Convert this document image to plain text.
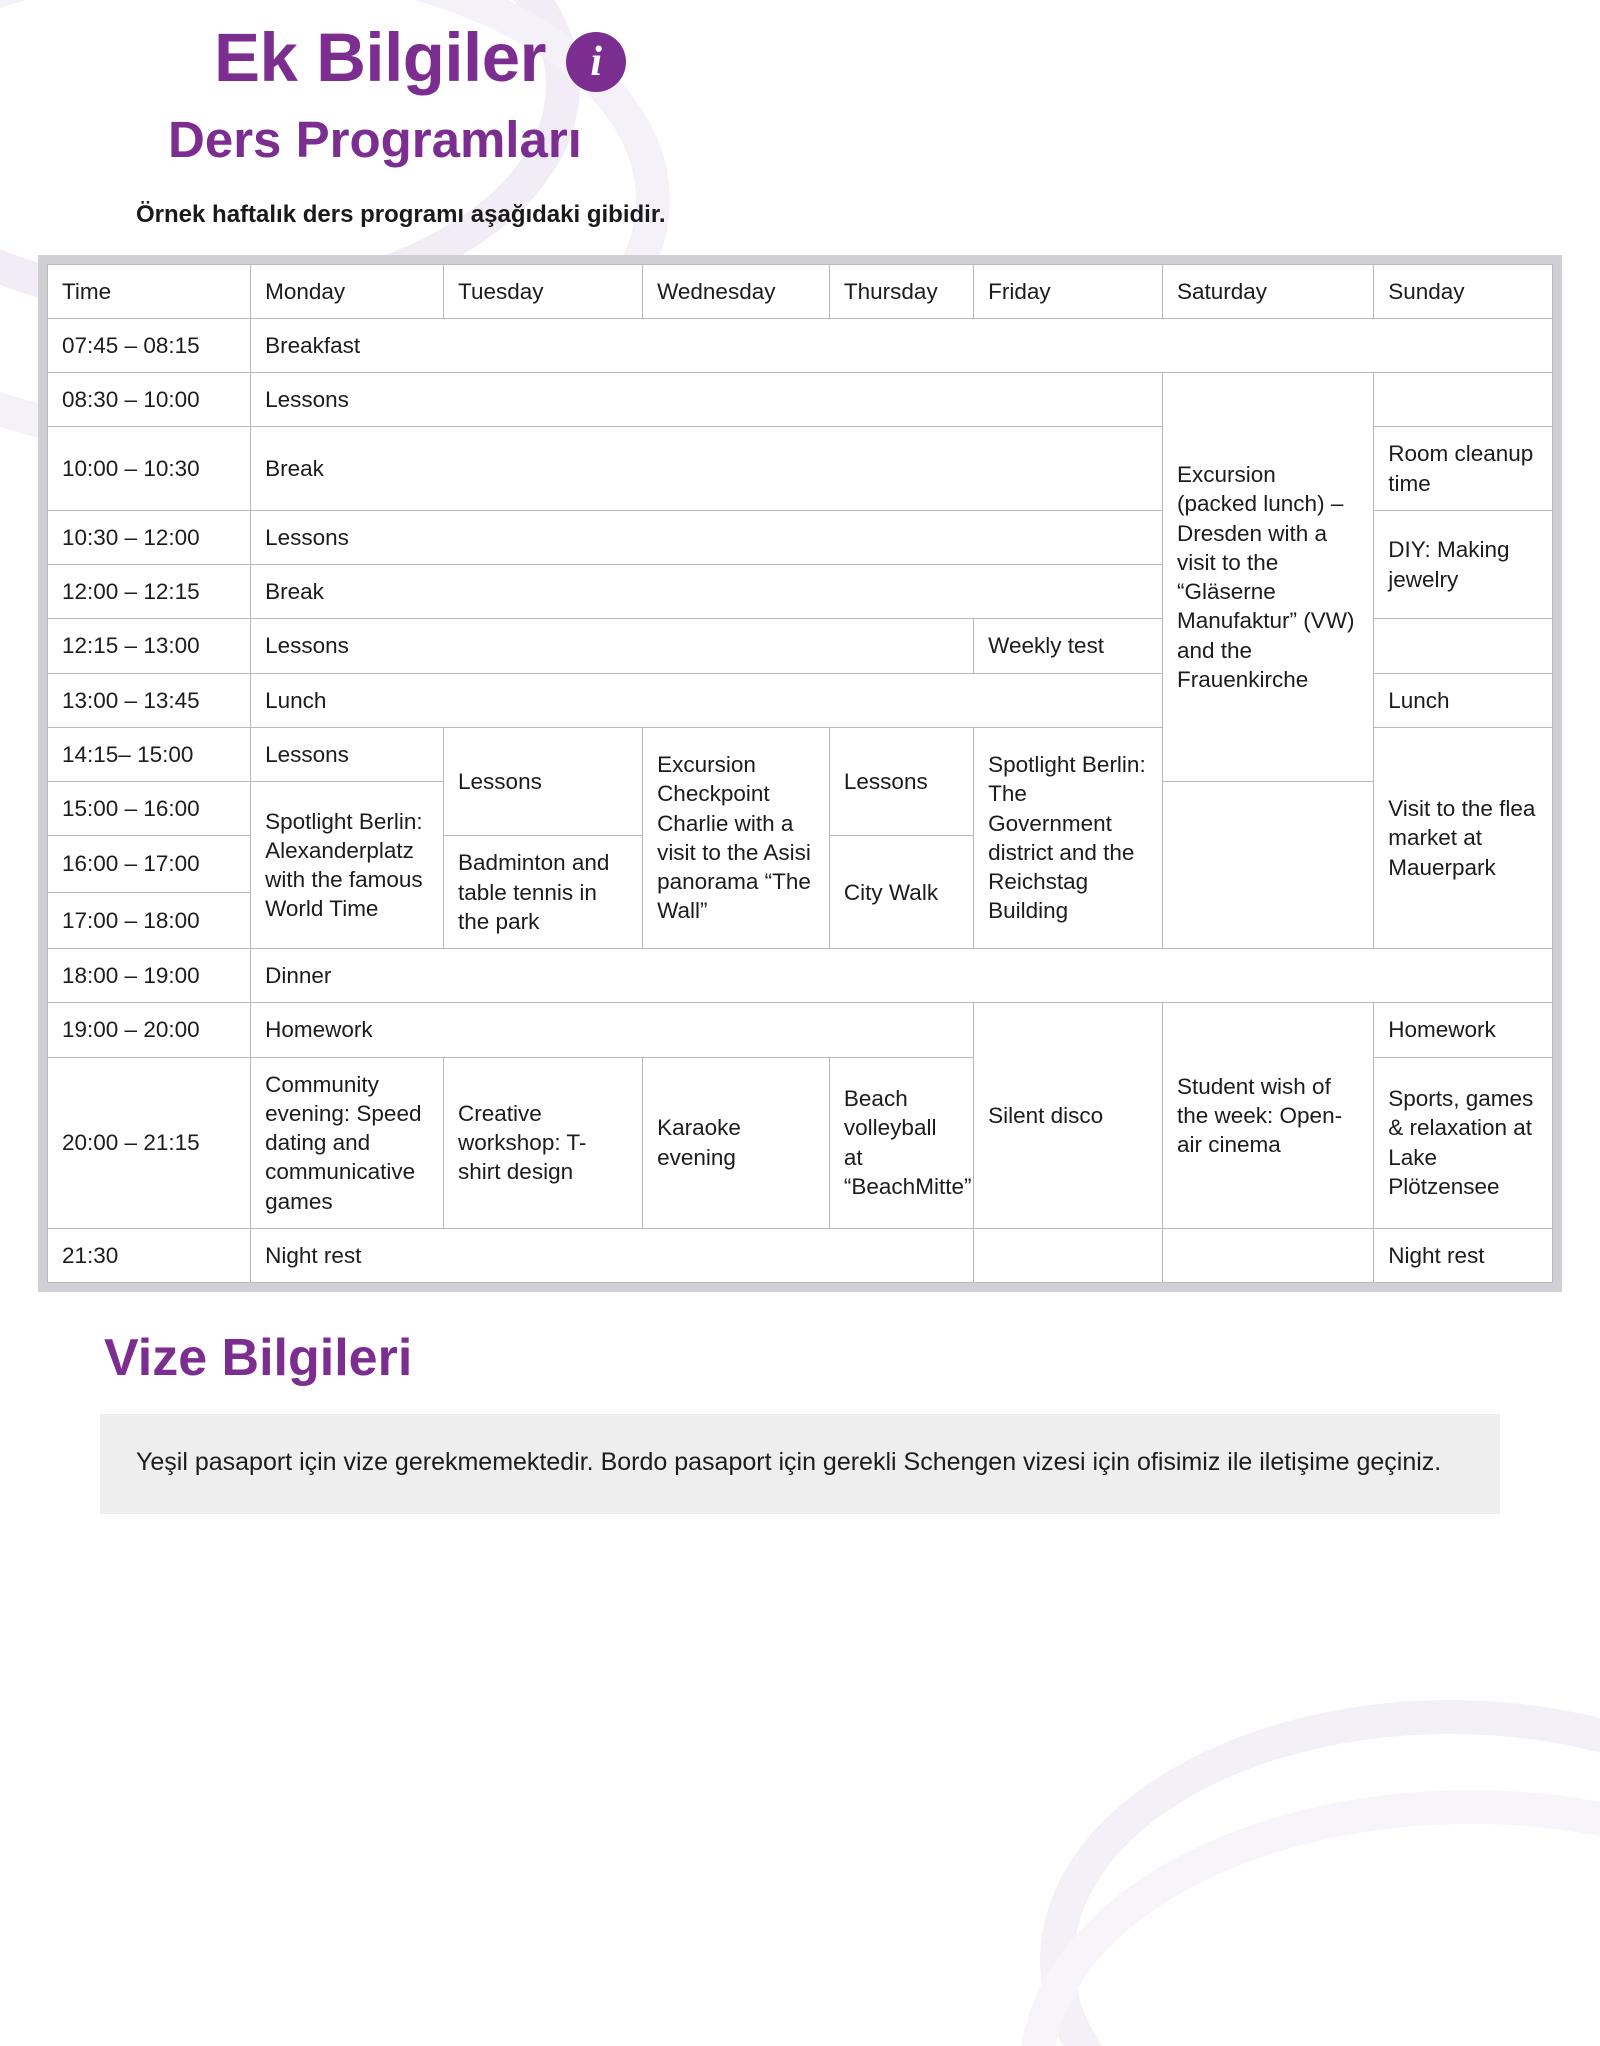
Ek Bilgiler	i
Ders Programları

Örnek haftalık ders programı aşağıdaki gibidir.

Time	Monday	Tuesday	Wednesday	Thursday	Friday	Saturday	Sunday
07:45 – 08:15	Breakfast						
08:30 – 10:00	Lessons					Excursion (packed lunch) – Dresden with a visit to the “Gläserne Manufaktur” (VW) and the Frauenkirche	
10:00 – 10:30	Break						Room cleanup time
10:30 – 12:00	Lessons						DIY: Making jewelry
12:00 – 12:15	Break						
12:15 – 13:00	Lessons				Weekly test		
13:00 – 13:45	Lunch						Lunch
14:15– 15:00	Lessons	Lessons	Excursion Checkpoint Charlie with a visit to the Asisi panorama “The Wall”	Lessons	Spotlight Berlin: The Government district and the Reichstag Building		Visit to the flea market at Mauerpark
15:00 – 16:00	Spotlight Berlin: Alexanderplatz with the famous World Time						
16:00 – 17:00		Badminton and table tennis in the park		City Walk			
17:00 – 18:00							
18:00 – 19:00	Dinner						
19:00 – 20:00	Homework				Silent disco	Student wish of the week: Open-air cinema	Homework
20:00 – 21:15	Community evening: Speed dating and communicative games	Creative workshop: T-shirt design	Karaoke evening	Beach volleyball at “BeachMitte”			Sports, games & relaxation at Lake Plötzensee
21:30	Night rest						Night rest
Vize Bilgileri
Yeşil pasaport için vize gerekmemektedir. Bordo pasaport için gerekli Schengen vizesi için ofisimiz ile iletişime geçiniz.
